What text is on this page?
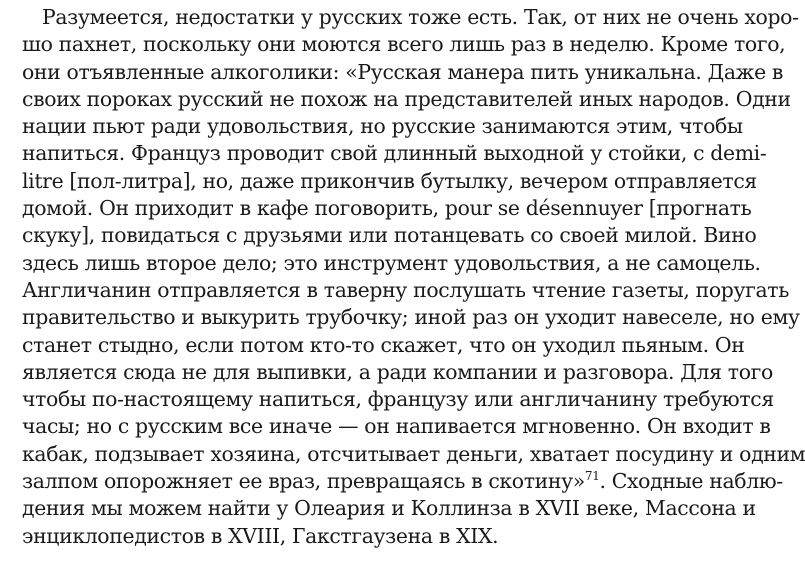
Разумеется, недостатки у русских тоже есть. Так, от них не очень хоро-
шо пахнет, поскольку они моются всего лишь раз в неделю. Кроме того,
они отъявленные алкоголики: «Русская манера пить уникальна. Даже в
своих пороках русский не похож на представителей иных народов. Одни
нации пьют ради удовольствия, но русские занимаются этим, чтобы
напиться. Француз проводит свой длинный выходной у стойки, с demi-
litre [пол-литра], но, даже прикончив бутылку, вечером отправляется
домой. Он приходит в кафе поговорить, pour se désennuyer [прогнать
скуку], повидаться с друзьями или потанцевать со своей милой. Вино
здесь лишь второе дело; это инструмент удовольствия, а не самоцель.
Англичанин отправляется в таверну послушать чтение газеты, поругать
правительство и выкурить трубочку; иной раз он уходит навеселе, но ему
станет стыдно, если потом кто-то скажет, что он уходил пьяным. Он
является сюда не для выпивки, а ради компании и разговора. Для того
чтобы по-настоящему напиться, французу или англичанину требуются
часы; но с русским все иначе — он напивается мгновенно. Он входит в
кабак, подзывает хозяина, отсчитывает деньги, хватает посудину и одним
залпом опорожняет ее враз, превращаясь в скотину»$^{71}$. Сходные наблю-
дения мы можем найти у Олеария и Коллинза в XVII веке, Массона и
энциклопедистов в XVIII, Гакстгаузена в XIX.
